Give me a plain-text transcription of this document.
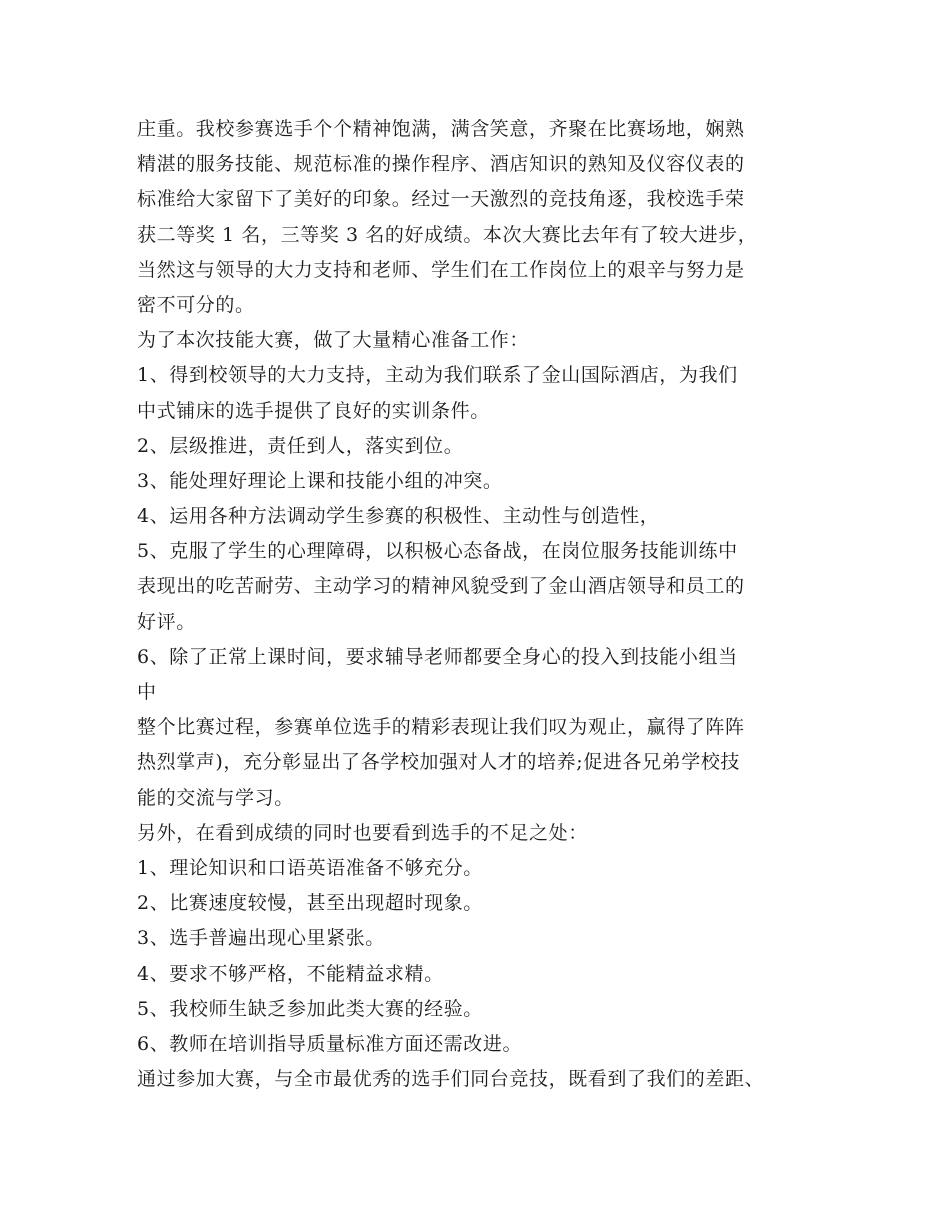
庄重。我校参赛选手个个精神饱满，满含笑意，齐聚在比赛场地，娴熟
精湛的服务技能、规范标准的操作程序、酒店知识的熟知及仪容仪表的
标准给大家留下了美好的印象。经过一天激烈的竞技角逐，我校选手荣
获二等奖 1 名，三等奖 3 名的好成绩。本次大赛比去年有了较大进步，
当然这与领导的大力支持和老师、学生们在工作岗位上的艰辛与努力是
密不可分的。
为了本次技能大赛，做了大量精心准备工作：
1、得到校领导的大力支持，主动为我们联系了金山国际酒店，为我们
中式铺床的选手提供了良好的实训条件。
2、层级推进，责任到人，落实到位。
3、能处理好理论上课和技能小组的冲突。
4、运用各种方法调动学生参赛的积极性、主动性与创造性，
5、克服了学生的心理障碍，以积极心态备战，在岗位服务技能训练中
表现出的吃苦耐劳、主动学习的精神风貌受到了金山酒店领导和员工的
好评。
6、除了正常上课时间，要求辅导老师都要全身心的投入到技能小组当
中
整个比赛过程，参赛单位选手的精彩表现让我们叹为观止，赢得了阵阵
热烈掌声)，充分彰显出了各学校加强对人才的培养;促进各兄弟学校技
能的交流与学习。
另外，在看到成绩的同时也要看到选手的不足之处：
1、理论知识和口语英语准备不够充分。
2、比赛速度较慢，甚至出现超时现象。
3、选手普遍出现心里紧张。
4、要求不够严格，不能精益求精。
5、我校师生缺乏参加此类大赛的经验。
6、教师在培训指导质量标准方面还需改进。
通过参加大赛，与全市最优秀的选手们同台竞技，既看到了我们的差距、
